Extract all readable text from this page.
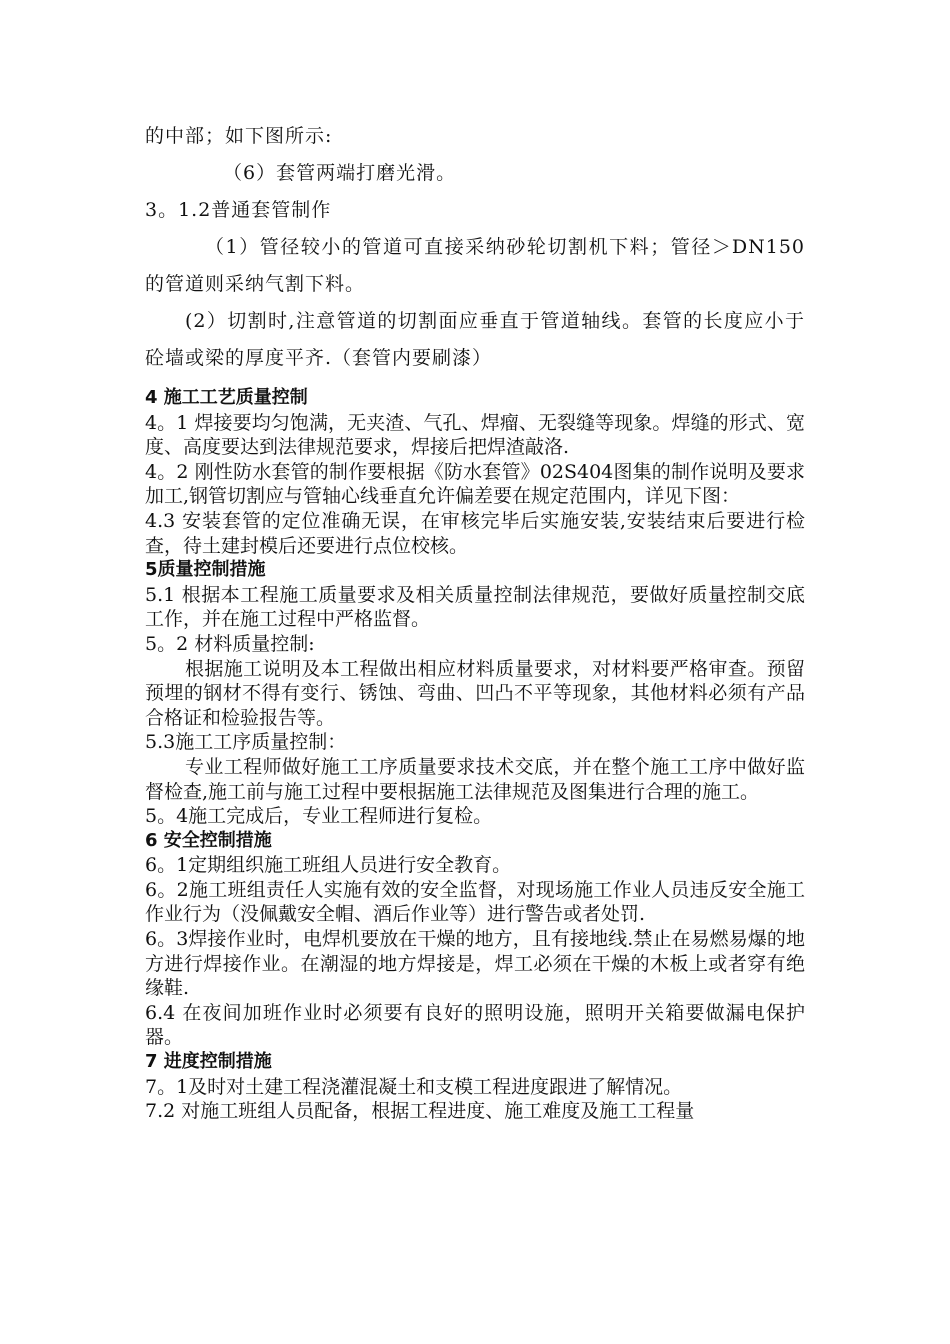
的中部；如下图所示:

（6）套管两端打磨光滑。

3。1.2普通套管制作

（1）管径较小的管道可直接采纳砂轮切割机下料；管径＞DN150的管道则采纳气割下料。

(2）切割时,注意管道的切割面应垂直于管道轴线。套管的长度应小于砼墙或梁的厚度平齐.（套管内要刷漆）

4 施工工艺质量控制

4。1 焊接要均匀饱满，无夹渣、气孔、焊瘤、无裂缝等现象。焊缝的形式、宽度、高度要达到法律规范要求，焊接后把焊渣敲洛.

4。2 刚性防水套管的制作要根据《防水套管》02S404图集的制作说明及要求加工,钢管切割应与管轴心线垂直允许偏差要在规定范围内，详见下图：

4.3 安装套管的定位准确无误，在审核完毕后实施安装,安装结束后要进行检查，待土建封模后还要进行点位校核。

5质量控制措施

5.1 根据本工程施工质量要求及相关质量控制法律规范，要做好质量控制交底工作，并在施工过程中严格监督。

5。2 材料质量控制:

根据施工说明及本工程做出相应材料质量要求，对材料要严格审查。预留预埋的钢材不得有变行、锈蚀、弯曲、凹凸不平等现象，其他材料必须有产品合格证和检验报告等。

5.3施工工序质量控制：

专业工程师做好施工工序质量要求技术交底，并在整个施工工序中做好监督检查,施工前与施工过程中要根据施工法律规范及图集进行合理的施工。

5。4施工完成后，专业工程师进行复检。

6 安全控制措施

6。1定期组织施工班组人员进行安全教育。

6。2施工班组责任人实施有效的安全监督，对现场施工作业人员违反安全施工作业行为（没佩戴安全帽、酒后作业等）进行警告或者处罚.

6。3焊接作业时，电焊机要放在干燥的地方，且有接地线.禁止在易燃易爆的地方进行焊接作业。在潮湿的地方焊接是，焊工必须在干燥的木板上或者穿有绝缘鞋.

6.4 在夜间加班作业时必须要有良好的照明设施，照明开关箱要做漏电保护器。

7 进度控制措施

7。1及时对土建工程浇灌混凝土和支模工程进度跟进了解情况。

7.2 对施工班组人员配备，根据工程进度、施工难度及施工工程量
